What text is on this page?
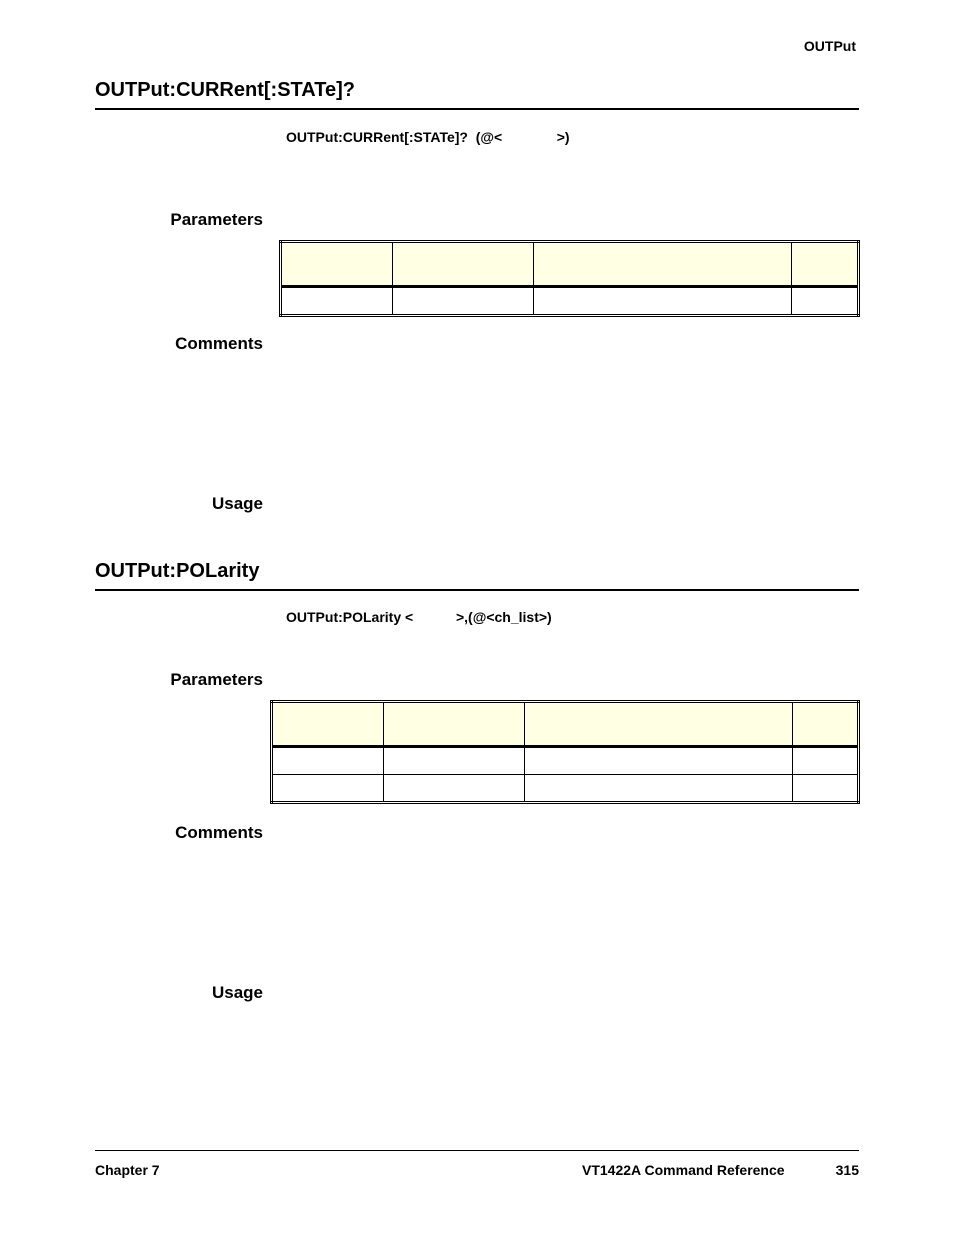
OUTPut
OUTPut:CURRent[:STATe]?
OUTPut:CURRent[:STATe]?  (@<              >)
Parameters

Comments
Usage
OUTPut:POLarity
OUTPut:POLarity <           >,(@<ch_list>)
Parameters

Comments
Usage
Chapter 7	VT1422A Command Reference	315
